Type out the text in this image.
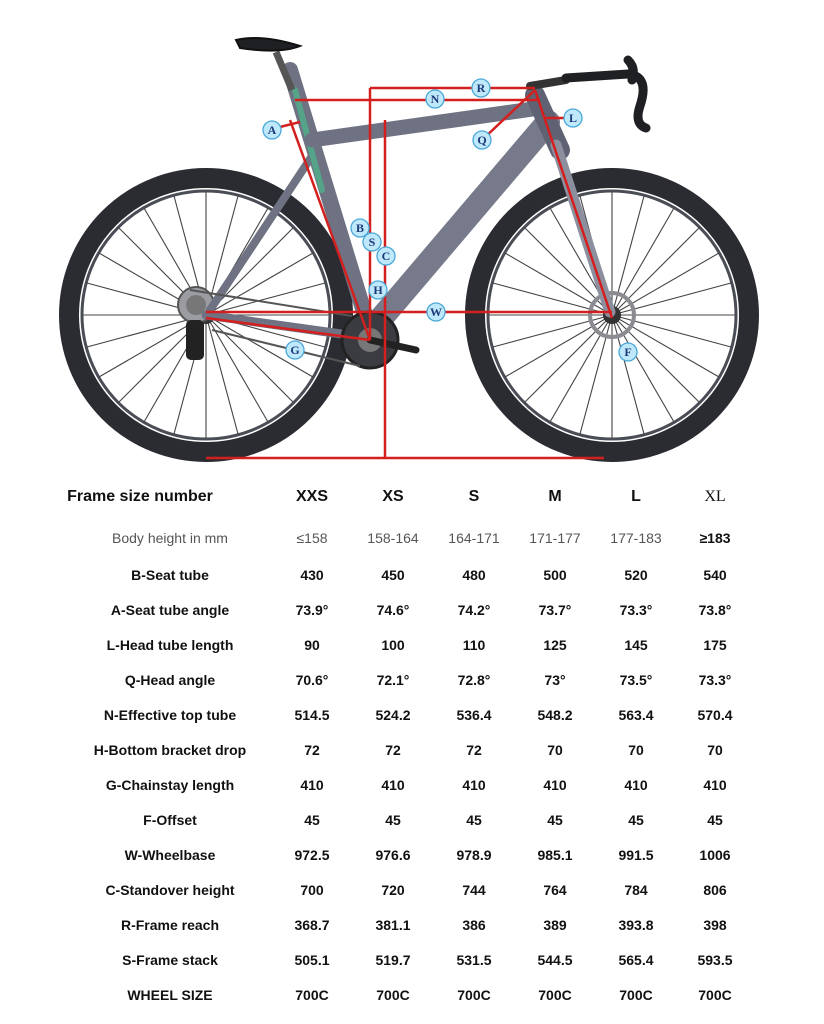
A
B
S
C
H
N
R
Q
L
W
G	F
Frame size number	XXS	XS	S	M	L	XL
Body height in mm	≤158	158-164	164-171	171-177	177-183	≥183
B-Seat tube	430	450	480	500	520	540
A-Seat tube angle	73.9°	74.6°	74.2°	73.7°	73.3°	73.8°
L-Head tube length	90	100	110	125	145	175
Q-Head angle	70.6°	72.1°	72.8°	73°	73.5°	73.3°
N-Effective top tube	514.5	524.2	536.4	548.2	563.4	570.4
H-Bottom bracket drop	72	72	72	70	70	70
G-Chainstay length	410	410	410	410	410	410
F-Offset	45	45	45	45	45	45
W-Wheelbase	972.5	976.6	978.9	985.1	991.5	1006
C-Standover height	700	720	744	764	784	806
R-Frame reach	368.7	381.1	386	389	393.8	398
S-Frame stack	505.1	519.7	531.5	544.5	565.4	593.5
WHEEL SIZE	700C	700C	700C	700C	700C	700C
